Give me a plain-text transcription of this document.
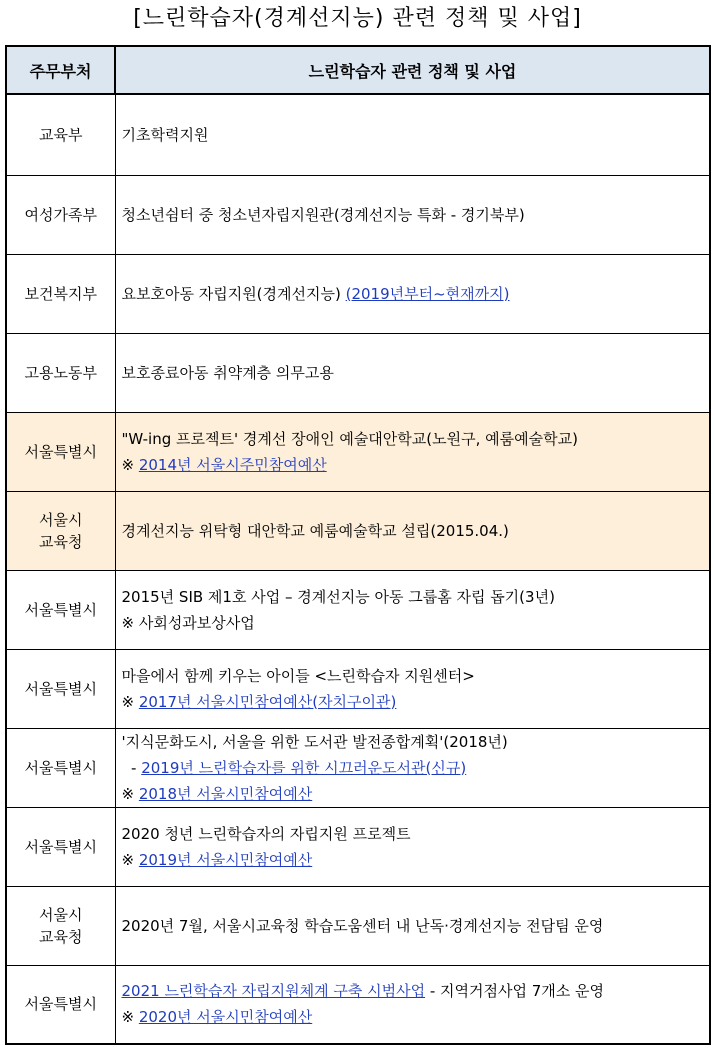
[느린학습자(경계선지능) 관련 정책 및 사업]
주무부처	느린학습자 관련 정책 및 사업
교육부	기초학력지원

여성가족부	청소년쉼터 중 청소년자립지원관(경계선지능 특화 - 경기북부)

보건복지부	요보호아동 자립지원(경계선지능) (2019년부터~현재까지)

고용노동부	보호종료아동 취약계층 의무고용

서울특별시	"W-ing 프로젝트' 경계선 장애인 예술대안학교(노원구, 예룸예술학교)
※ 2014년 서울시주민참여예산

서울시
교육청	경계선지능 위탁형 대안학교 예룸예술학교 설립(2015.04.)

서울특별시	2015년 SIB 제1호 사업 – 경계선지능 아동 그룹홈 자립 돕기(3년)
※ 사회성과보상사업

서울특별시	마을에서 함께 키우는 아이들 <느린학습자 지원센터>
※ 2017년 서울시민참여예산(자치구이관)

서울특별시	'지식문화도시, 서울을 위한 도서관 발전종합계획'(2018년)
- 2019년 느린학습자를 위한 시끄러운도서관(신규)
※ 2018년 서울시민참여예산

서울특별시	2020 청년 느린학습자의 자립지원 프로젝트
※ 2019년 서울시민참여예산

서울시
교육청	2020년 7월, 서울시교육청 학습도움센터 내 난독·경계선지능 전담팀 운영

서울특별시	2021 느린학습자 자립지원체계 구축 시범사업 - 지역거점사업 7개소 운영
※ 2020년 서울시민참여예산
